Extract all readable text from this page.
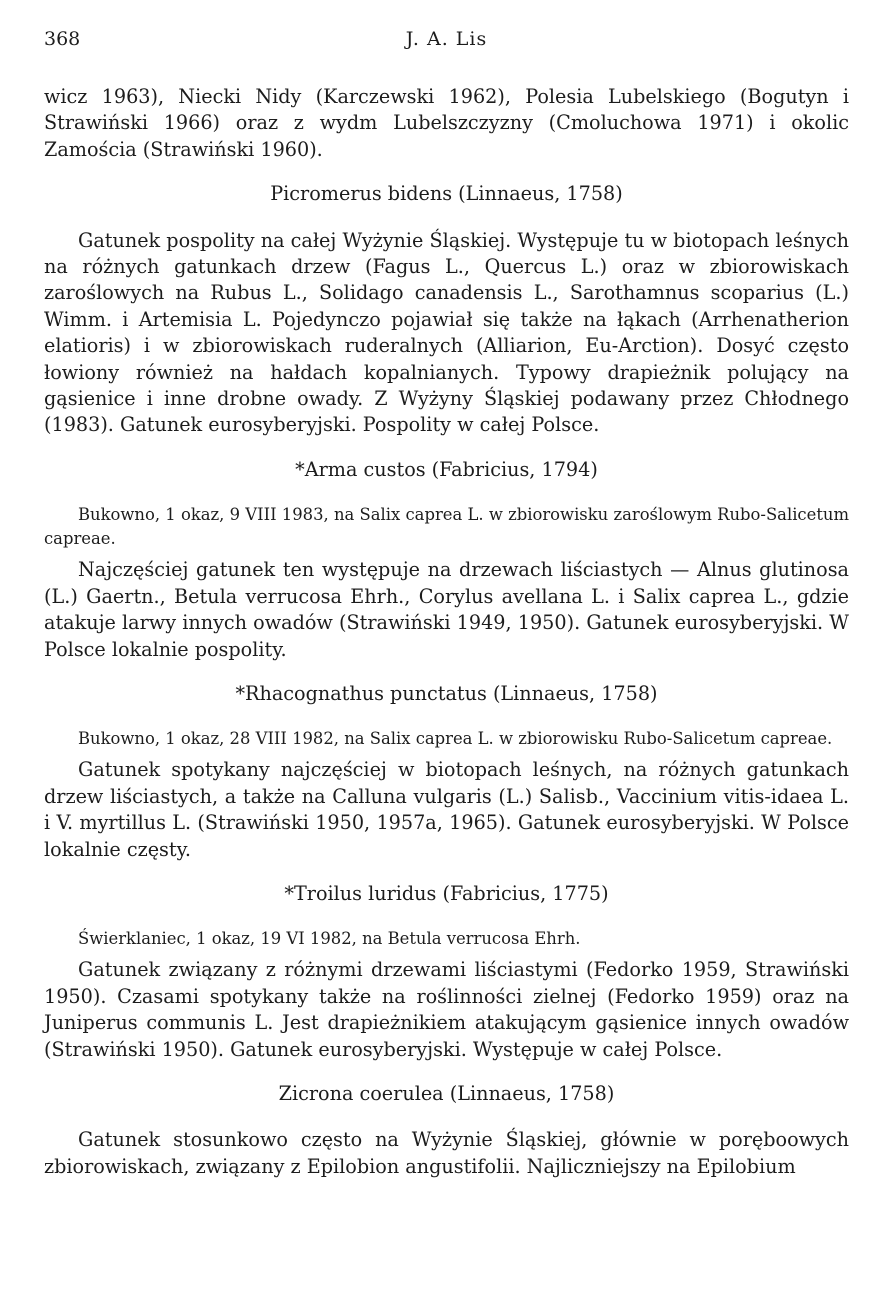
368	J. A. Lis

wicz 1963), Niecki Nidy (Karczewski 1962), Polesia Lubelskiego (Bogutyn i Strawiński 1966) oraz z wydm Lubelszczyzny (Cmoluchowa 1971) i okolic Zamościa (Strawiński 1960).

Picromerus bidens (Linnaeus, 1758)

Gatunek pospolity na całej Wyżynie Śląskiej. Występuje tu w biotopach leśnych na różnych gatunkach drzew (Fagus L., Quercus L.) oraz w zbiorowiskach zaroślowych na Rubus L., Solidago canadensis L., Sarothamnus scoparius (L.) Wimm. i Artemisia L. Pojedynczo pojawiał się także na łąkach (Arrhenatherion elatioris) i w zbiorowiskach ruderalnych (Alliarion, Eu-Arction). Dosyć często łowiony również na hałdach kopalnianych. Typowy drapieżnik polujący na gąsienice i inne drobne owady. Z Wyżyny Śląskiej podawany przez Chłodnego (1983). Gatunek eurosyberyjski. Pospolity w całej Polsce.

*Arma custos (Fabricius, 1794)

Bukowno, 1 okaz, 9 VIII 1983, na Salix caprea L. w zbiorowisku zaroślowym Rubo-Salicetum capreae.

Najczęściej gatunek ten występuje na drzewach liściastych — Alnus glutinosa (L.) Gaertn., Betula verrucosa Ehrh., Corylus avellana L. i Salix caprea L., gdzie atakuje larwy innych owadów (Strawiński 1949, 1950). Gatunek eurosyberyjski. W Polsce lokalnie pospolity.

*Rhacognathus punctatus (Linnaeus, 1758)

Bukowno, 1 okaz, 28 VIII 1982, na Salix caprea L. w zbiorowisku Rubo-Salicetum capreae.

Gatunek spotykany najczęściej w biotopach leśnych, na różnych gatunkach drzew liściastych, a także na Calluna vulgaris (L.) Salisb., Vaccinium vitis-idaea L. i V. myrtillus L. (Strawiński 1950, 1957a, 1965). Gatunek eurosyberyjski. W Polsce lokalnie częsty.

*Troilus luridus (Fabricius, 1775)

Świerklaniec, 1 okaz, 19 VI 1982, na Betula verrucosa Ehrh.

Gatunek związany z różnymi drzewami liściastymi (Fedorko 1959, Strawiński 1950). Czasami spotykany także na roślinności zielnej (Fedorko 1959) oraz na Juniperus communis L. Jest drapieżnikiem atakującym gąsienice innych owadów (Strawiński 1950). Gatunek eurosyberyjski. Występuje w całej Polsce.

Zicrona coerulea (Linnaeus, 1758)

Gatunek stosunkowo często na Wyżynie Śląskiej, głównie w poręboowych zbiorowiskach, związany z Epilobion angustifolii. Najliczniejszy na Epilobium
